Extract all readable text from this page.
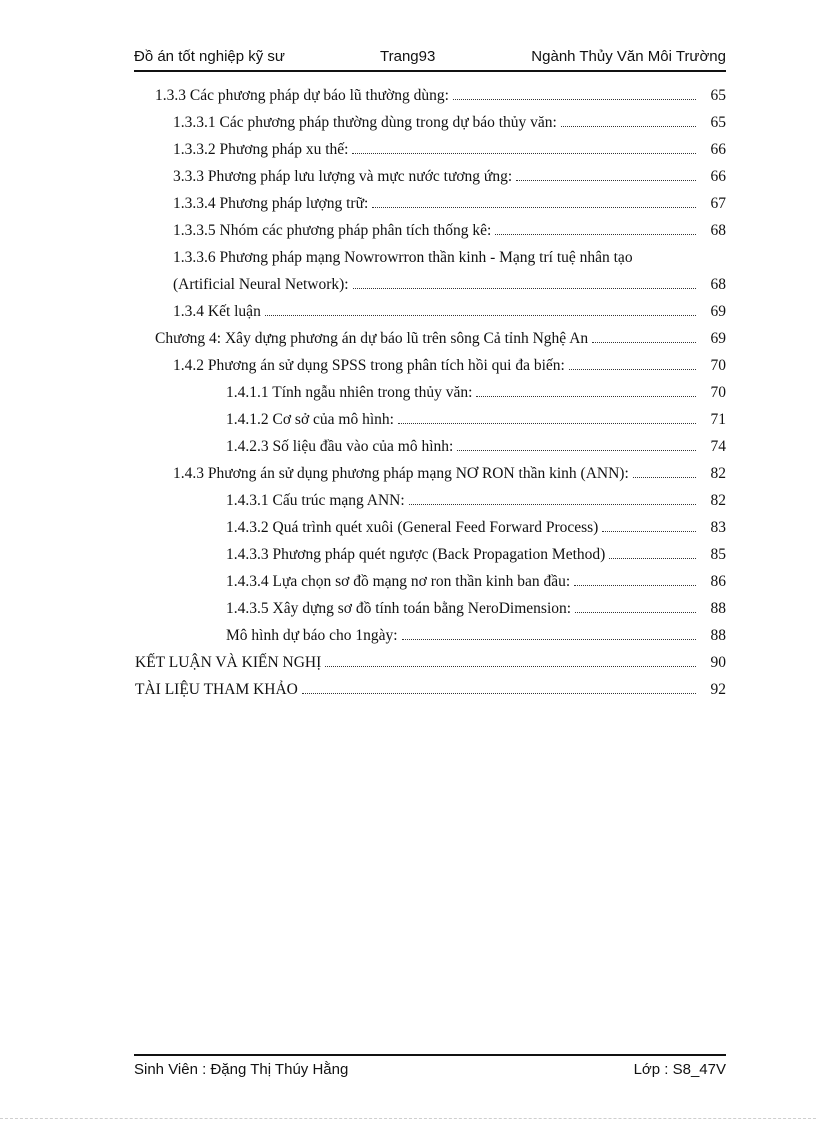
Đồ án tốt nghiệp kỹ sư	Trang93	Ngành Thủy Văn Môi Trường
1.3.3 Các phương pháp dự báo lũ thường dùng:	65
1.3.3.1 Các phương pháp thường dùng trong dự báo thủy văn:	65
1.3.3.2 Phương pháp xu thế:	66
3.3.3 Phương pháp lưu lượng và mực nước tương ứng:	66
1.3.3.4 Phương pháp lượng trữ:	67
1.3.3.5 Nhóm các phương pháp phân tích thống kê:	68
1.3.3.6 Phương pháp mạng Nowrowrron thần kinh - Mạng trí tuệ nhân tạo
(Artificial Neural Network):	68
1.3.4 Kết luận	69
Chương 4: Xây dựng phương án dự báo lũ trên sông Cả tỉnh Nghệ An	69
1.4.2 Phương án sử dụng SPSS trong phân tích hồi qui đa biến:	70
1.4.1.1 Tính ngẫu nhiên trong thủy văn:	70
1.4.1.2 Cơ sở của mô hình:	71
1.4.2.3 Số liệu đầu vào của mô hình:	74
1.4.3 Phương án sử dụng phương pháp mạng NƠ RON thần kinh (ANN):	82
1.4.3.1 Cấu trúc mạng ANN:	82
1.4.3.2 Quá trình quét xuôi (General Feed Forward Process)	83
1.4.3.3 Phương pháp quét ngược (Back Propagation Method)	85
1.4.3.4 Lựa chọn sơ đồ mạng nơ ron thần kinh ban đầu:	86
1.4.3.5 Xây dựng sơ đồ tính toán bằng NeroDimension:	88
Mô hình dự báo cho 1ngày:	88
KẾT LUẬN VÀ KIẾN NGHỊ	90
TÀI LIỆU THAM KHẢO	92
Sinh Viên : Đặng Thị Thúy Hằng	Lớp : S8_47V
